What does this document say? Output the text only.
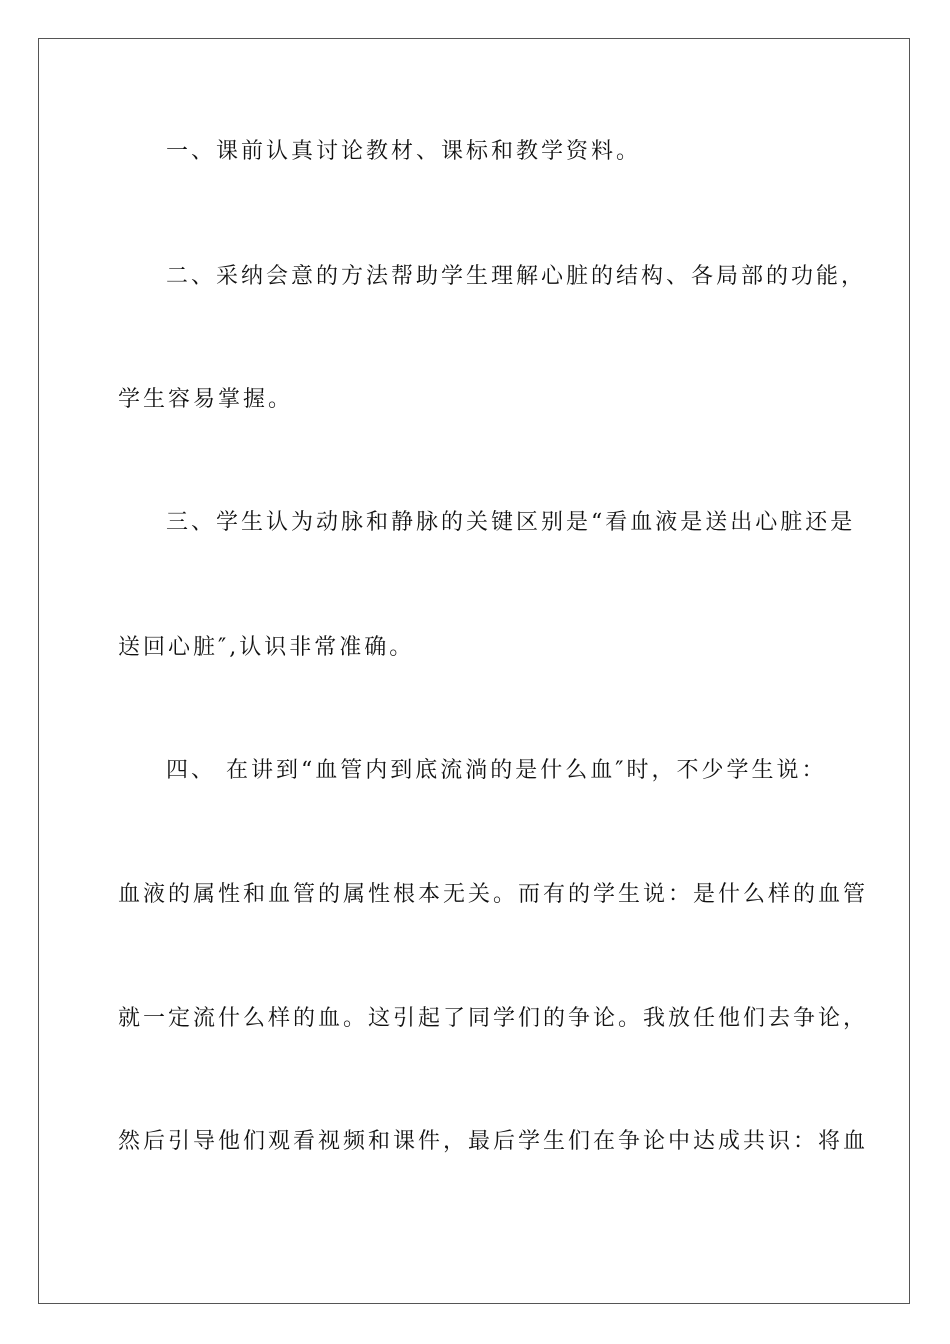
一、课前认真讨论教材、课标和教学资料。
二、采纳会意的方法帮助学生理解心脏的结构、各局部的功能，
学生容易掌握。
三、学生认为动脉和静脉的关键区别是“看血液是送出心脏还是
送回心脏″,认识非常准确。
四、 在讲到“血管内到底流淌的是什么血″时，不少学生说：
血液的属性和血管的属性根本无关。而有的学生说：是什么样的血管
就一定流什么样的血。这引起了同学们的争论。我放任他们去争论，
然后引导他们观看视频和课件，最后学生们在争论中达成共识：将血
